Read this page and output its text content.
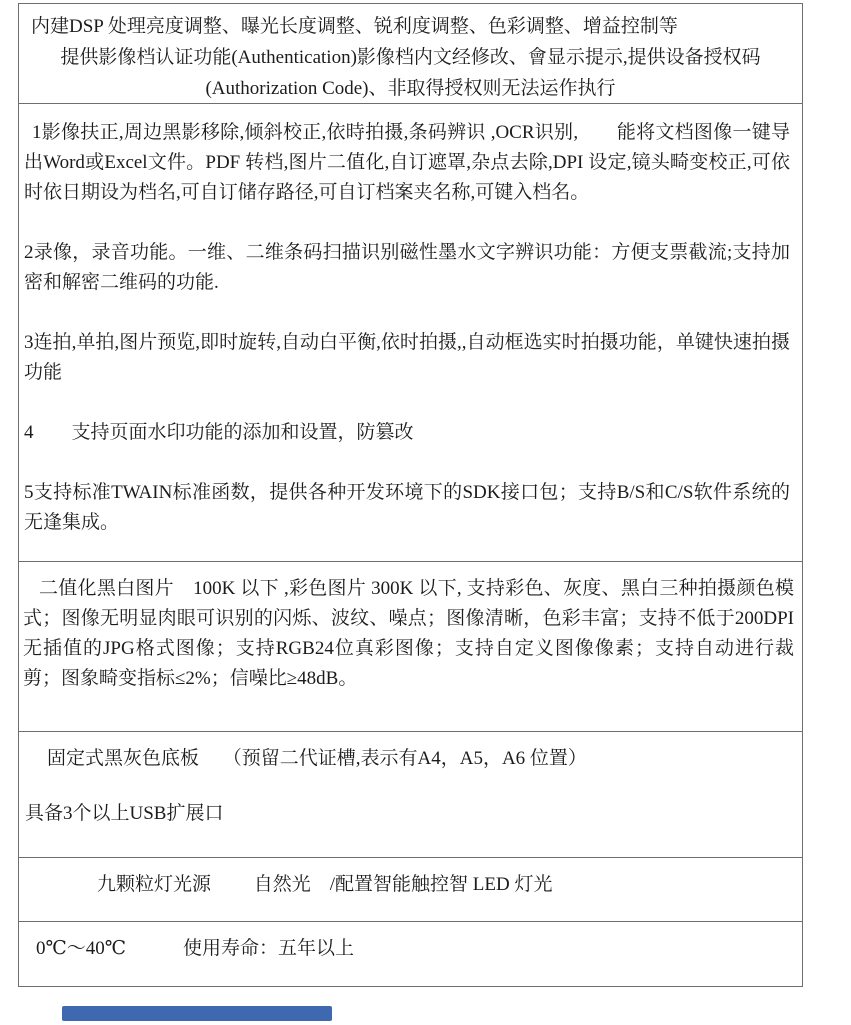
内建DSP 处理亮度调整、曝光长度调整、锐利度调整、色彩调整、增益控制等
提供影像档认证功能(Authentication)影像档内文经修改、會显示提示,提供设备授权码
(Authorization Code)、非取得授权则无法运作执行

1影像扶正,周边黑影移除,倾斜校正,依時拍摄,条码辨识 ,OCR识别,　　能将文档图像一键导出Word或Excel文件。PDF 转档,图片二值化,自订遮罩,杂点去除,DPI 设定,镜头畸变校正,可依时依日期设为档名,可自订储存路径,可自订档案夹名称,可键入档名。

2录像，录音功能。一维、二维条码扫描识别磁性墨水文字辨识功能：方便支票截流;支持加密和解密二维码的功能.

3连拍,单拍,图片预览,即时旋转,自动白平衡,依时拍摄,,自动框选实时拍摄功能，单键快速拍摄功能

4　　支持页面水印功能的添加和设置，防篡改

5支持标准TWAIN标准函数，提供各种开发环境下的SDK接口包；支持B/S和C/S软件系统的无逢集成。

二值化黑白图片　100K 以下 ,彩色图片 300K 以下, 支持彩色、灰度、黑白三种拍摄颜色模式；图像无明显肉眼可识别的闪烁、波纹、噪点；图像清晰，色彩丰富；支持不低于200DPI无插值的JPG格式图像；支持RGB24位真彩图像；支持自定义图像像素；支持自动进行裁剪；图象畸变指标≤2%；信噪比≥48dB。

固定式黑灰色底板　 （预留二代证槽,表示有A4，A5，A6 位置）
具备3个以上USB扩展口
九颗粒灯光源　　 自然光　/配置智能触控智 LED 灯光
0℃～40℃　　　使用寿命：五年以上
